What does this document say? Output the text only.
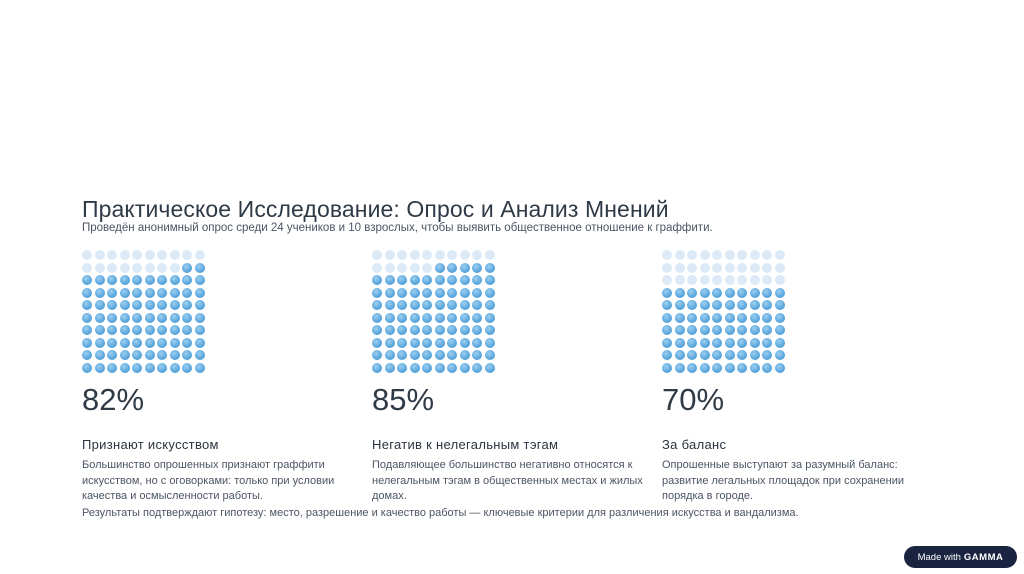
Практическое Исследование: Опрос и Анализ Мнений
Проведён анонимный опрос среди 24 учеников и 10 взрослых, чтобы выявить общественное отношение к граффити.
82%
Признают искусством
Большинство опрошенных признают граффити искусством, но с оговорками: только при условии качества и осмысленности работы.
85%
Негатив к нелегальным тэгам
Подавляющее большинство негативно относятся к нелегальным тэгам в общественных местах и жилых домах.
70%
За баланс
Опрошенные выступают за разумный баланс: развитие легальных площадок при сохранении порядка в городе.
Результаты подтверждают гипотезу: место, разрешение и качество работы — ключевые критерии для различения искусства и вандализма.
Made with GAMMA
